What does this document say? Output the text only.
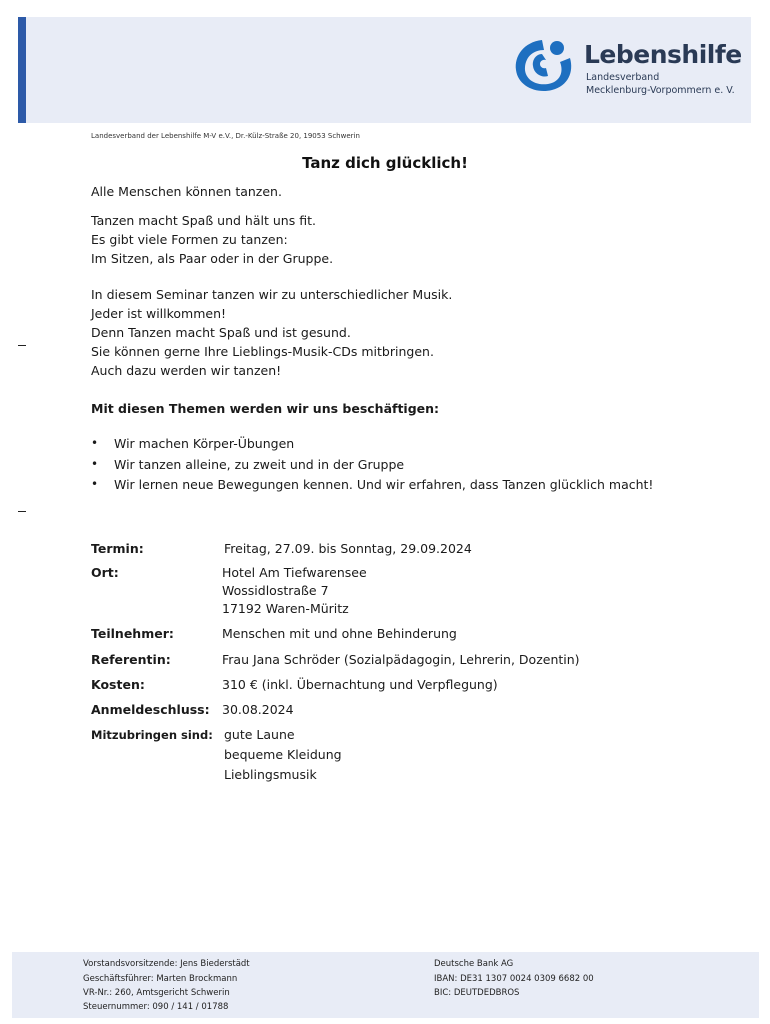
Lebenshilfe
Landesverband
Mecklenburg-Vorpommern e. V.
Landesverband der Lebenshilfe M-V e.V., Dr.-Külz-Straße 20, 19053 Schwerin
Tanz dich glücklich!
Alle Menschen können tanzen.
Tanzen macht Spaß und hält uns fit.
Es gibt viele Formen zu tanzen:
Im Sitzen, als Paar oder in der Gruppe.
In diesem Seminar tanzen wir zu unterschiedlicher Musik.
Jeder ist willkommen!
Denn Tanzen macht Spaß und ist gesund.
Sie können gerne Ihre Lieblings-Musik-CDs mitbringen.
Auch dazu werden wir tanzen!
Mit diesen Themen werden wir uns beschäftigen:
• Wir machen Körper-Übungen
• Wir tanzen alleine, zu zweit und in der Gruppe
• Wir lernen neue Bewegungen kennen. Und wir erfahren, dass Tanzen glücklich macht!
Termin:	Freitag, 27.09. bis Sonntag, 29.09.2024
Ort:	Hotel Am Tiefwarensee
Wossidlostraße 7
17192 Waren-Müritz
Teilnehmer:	Menschen mit und ohne Behinderung
Referentin:	Frau Jana Schröder (Sozialpädagogin, Lehrerin, Dozentin)
Kosten:	310 € (inkl. Übernachtung und Verpflegung)
Anmeldeschluss: 30.08.2024
Mitzubringen sind: gute Laune
bequeme Kleidung
Lieblingsmusik
Vorstandsvorsitzende: Jens Biederstädt
Geschäftsführer: Marten Brockmann
VR-Nr.: 260, Amtsgericht Schwerin
Steuernummer: 090 / 141 / 01788
Deutsche Bank AG
IBAN: DE31 1307 0024 0309 6682 00
BIC: DEUTDEDBROS
